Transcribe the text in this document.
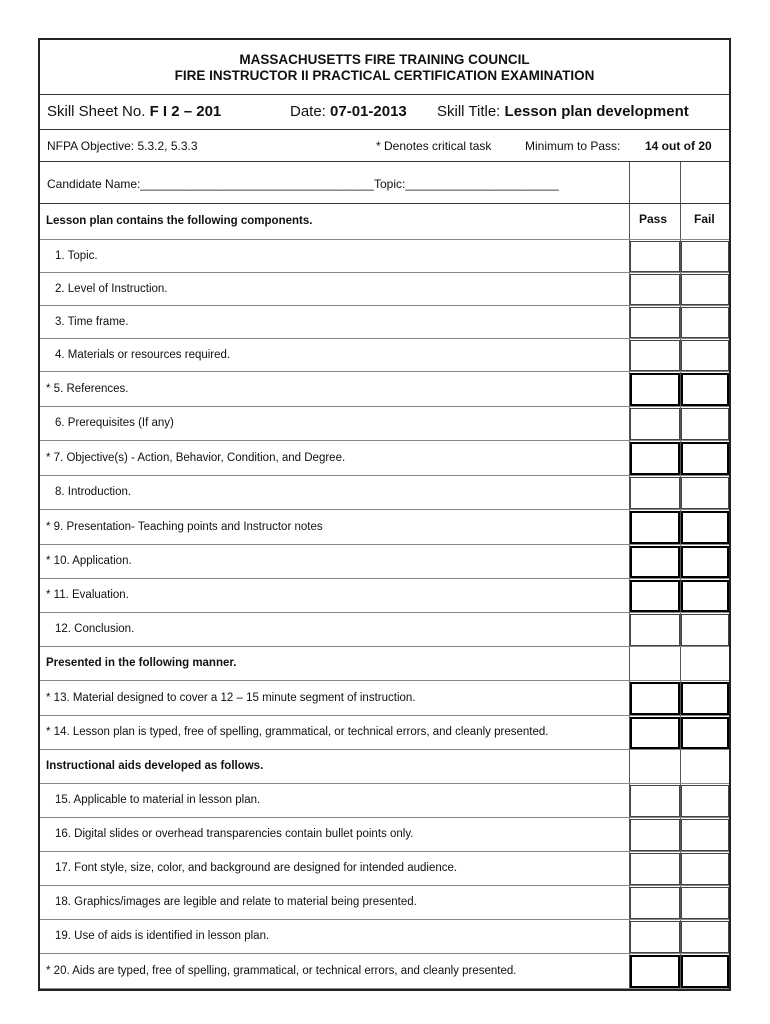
MASSACHUSETTS FIRE TRAINING COUNCIL
FIRE INSTRUCTOR II PRACTICAL CERTIFICATION EXAMINATION
Skill Sheet No. F I 2 – 201	Date: 07-01-2013 Skill Title: Lesson plan development
NFPA Objective: 5.3.2, 5.3.3	* Denotes critical task	Minimum to Pass: 14 out of 20
Candidate Name:___________________________________Topic:_______________________
Pass Fail
Lesson plan contains the following components.
1. Topic.
2. Level of Instruction.
3. Time frame.
4. Materials or resources required.
* 5. References.
6. Prerequisites (If any)
* 7. Objective(s) - Action, Behavior, Condition, and Degree.
8. Introduction.
* 9. Presentation- Teaching points and Instructor notes
* 10. Application.
* 11. Evaluation.
12. Conclusion.
Presented in the following manner.
* 13. Material designed to cover a 12 – 15 minute segment of instruction.
* 14. Lesson plan is typed, free of spelling, grammatical, or technical errors, and cleanly presented.
Instructional aids developed as follows.
15. Applicable to material in lesson plan.
16. Digital slides or overhead transparencies contain bullet points only.
17. Font style, size, color, and background are designed for intended audience.
18. Graphics/images are legible and relate to material being presented.
19. Use of aids is identified in lesson plan.
* 20. Aids are typed, free of spelling, grammatical, or technical errors, and cleanly presented.
